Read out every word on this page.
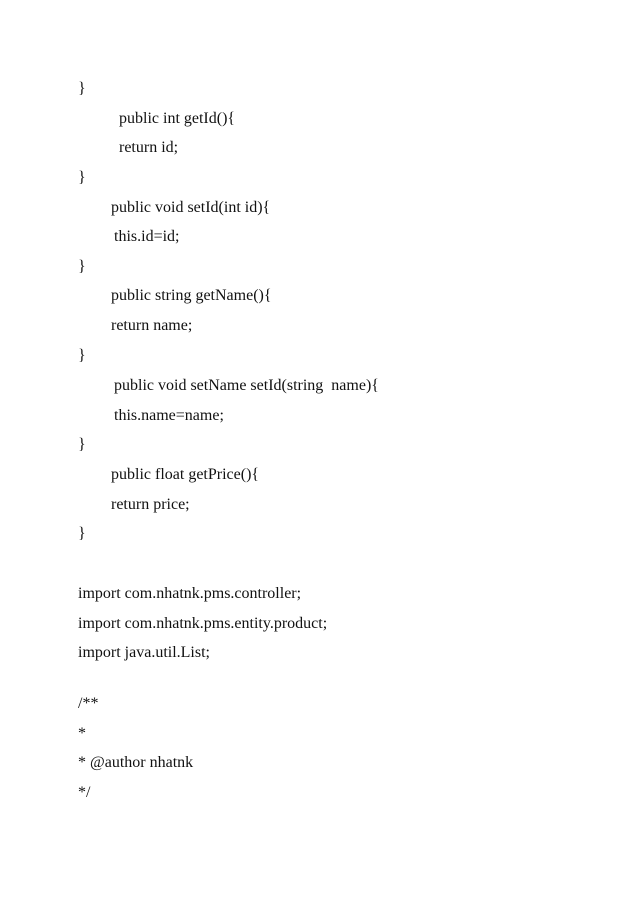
}
public int getId(){
return id;
}
public void setId(int id){
this.id=id;
}
public string getName(){
return name;
}
public void setName setId(string  name){
this.name=name;
}
public float getPrice(){
return price;
}
import com.nhatnk.pms.controller;
import com.nhatnk.pms.entity.product;
import java.util.List;
/**
*
* @author nhatnk
*/
